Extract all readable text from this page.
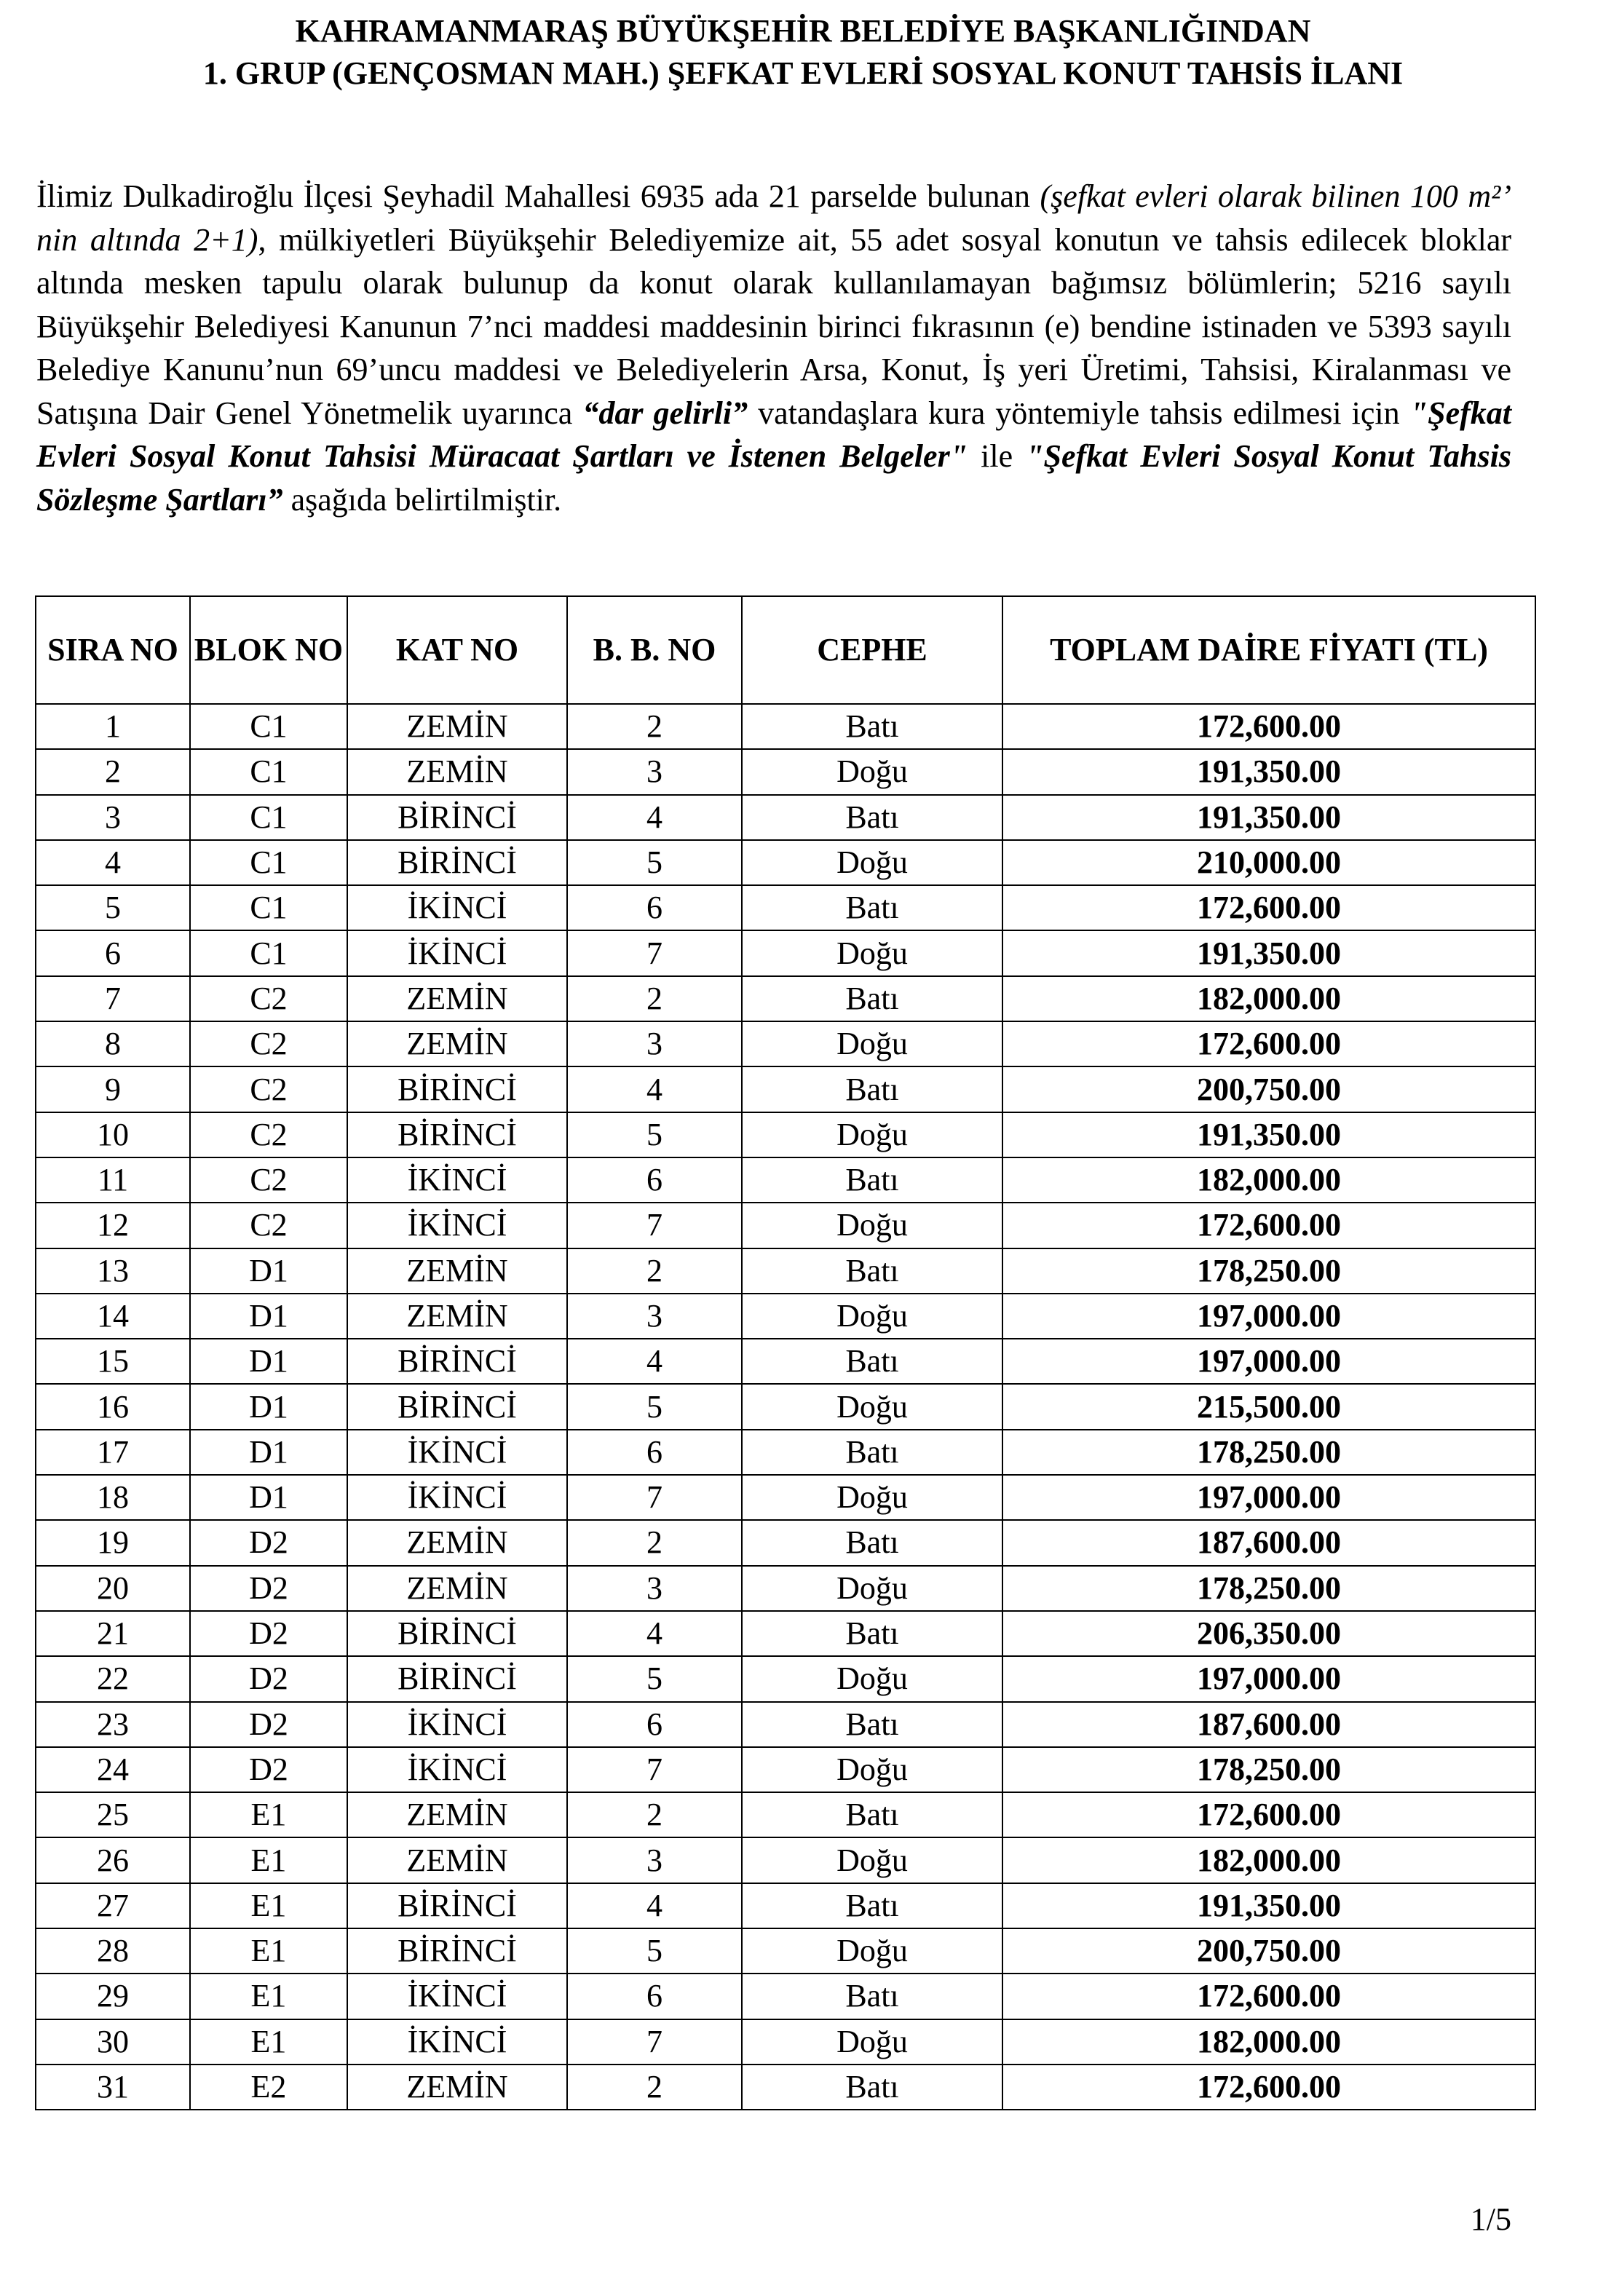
KAHRAMANMARAŞ BÜYÜKŞEHİR BELEDİYE BAŞKANLIĞINDAN
1. GRUP (GENÇOSMAN MAH.) ŞEFKAT EVLERİ SOSYAL KONUT TAHSİS İLANI
İlimiz Dulkadiroğlu İlçesi Şeyhadil Mahallesi 6935 ada 21 parselde bulunan (şefkat evleri olarak bilinen 100 m²’ nin altında 2+1), mülkiyetleri Büyükşehir Belediyemize ait, 55 adet sosyal konutun ve tahsis edilecek bloklar altında mesken tapulu olarak bulunup da konut olarak kullanılamayan bağımsız bölümlerin; 5216 sayılı Büyükşehir Belediyesi Kanunun 7’nci maddesi maddesinin birinci fıkrasının (e) bendine istinaden ve 5393 sayılı Belediye Kanunu’nun 69’uncu maddesi ve Belediyelerin Arsa, Konut, İş yeri Üretimi, Tahsisi, Kiralanması ve Satışına Dair Genel Yönetmelik uyarınca “dar gelirli” vatandaşlara kura yöntemiyle tahsis edilmesi için "Şefkat Evleri Sosyal Konut Tahsisi Müracaat Şartları ve İstenen Belgeler" ile "Şefkat Evleri Sosyal Konut Tahsis Sözleşme Şartları” aşağıda belirtilmiştir.
SIRA NO	BLOK NO	KAT NO	B. B. NO	CEPHE	TOPLAM DAİRE FİYATI (TL)
1	C1	ZEMİN	2	Batı	172,600.00
2	C1	ZEMİN	3	Doğu	191,350.00
3	C1	BİRİNCİ	4	Batı	191,350.00
4	C1	BİRİNCİ	5	Doğu	210,000.00
5	C1	İKİNCİ	6	Batı	172,600.00
6	C1	İKİNCİ	7	Doğu	191,350.00
7	C2	ZEMİN	2	Batı	182,000.00
8	C2	ZEMİN	3	Doğu	172,600.00
9	C2	BİRİNCİ	4	Batı	200,750.00
10	C2	BİRİNCİ	5	Doğu	191,350.00
11	C2	İKİNCİ	6	Batı	182,000.00
12	C2	İKİNCİ	7	Doğu	172,600.00
13	D1	ZEMİN	2	Batı	178,250.00
14	D1	ZEMİN	3	Doğu	197,000.00
15	D1	BİRİNCİ	4	Batı	197,000.00
16	D1	BİRİNCİ	5	Doğu	215,500.00
17	D1	İKİNCİ	6	Batı	178,250.00
18	D1	İKİNCİ	7	Doğu	197,000.00
19	D2	ZEMİN	2	Batı	187,600.00
20	D2	ZEMİN	3	Doğu	178,250.00
21	D2	BİRİNCİ	4	Batı	206,350.00
22	D2	BİRİNCİ	5	Doğu	197,000.00
23	D2	İKİNCİ	6	Batı	187,600.00
24	D2	İKİNCİ	7	Doğu	178,250.00
25	E1	ZEMİN	2	Batı	172,600.00
26	E1	ZEMİN	3	Doğu	182,000.00
27	E1	BİRİNCİ	4	Batı	191,350.00
28	E1	BİRİNCİ	5	Doğu	200,750.00
29	E1	İKİNCİ	6	Batı	172,600.00
30	E1	İKİNCİ	7	Doğu	182,000.00
31	E2	ZEMİN	2	Batı	172,600.00
1/5
